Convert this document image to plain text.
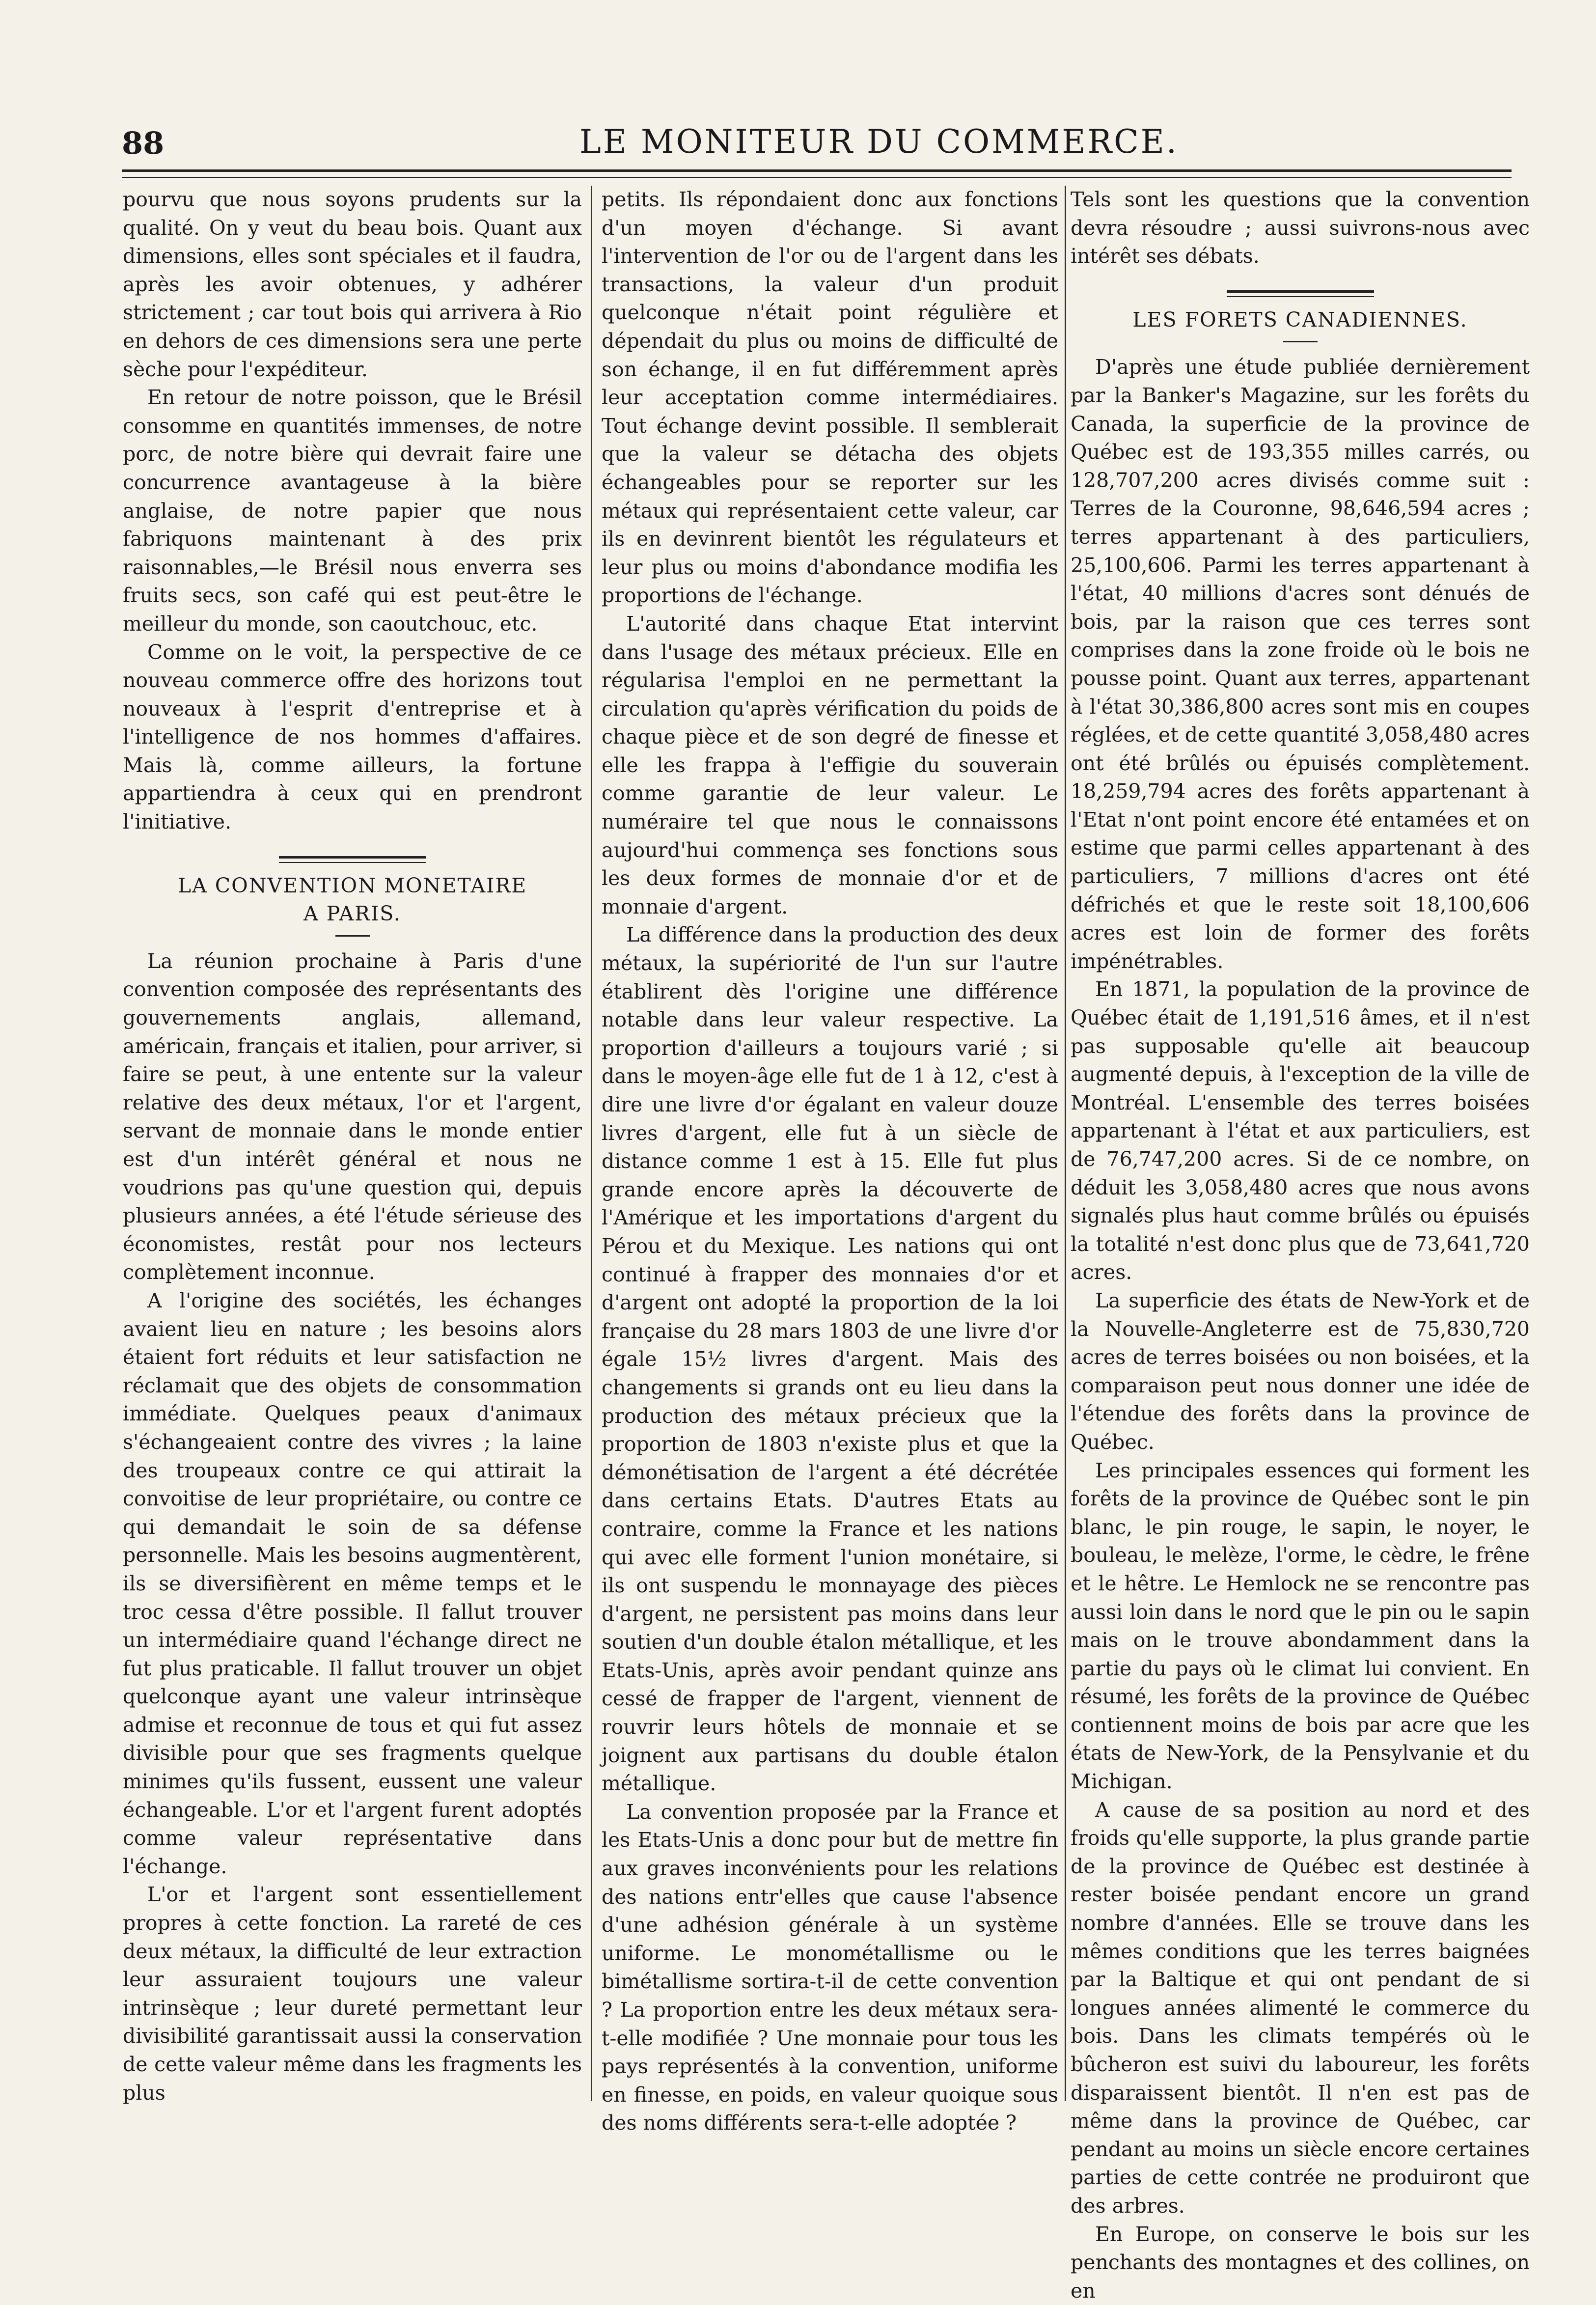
88	LE MONITEUR DU COMMERCE.

pourvu que nous soyons prudents sur la qualité. On y veut du beau bois. Quant aux dimensions, elles sont spéciales et il faudra, après les avoir obtenues, y adhérer strictement ; car tout bois qui arrivera à Rio en dehors de ces dimensions sera une perte sèche pour l'expéditeur.

En retour de notre poisson, que le Brésil consomme en quantités immenses, de notre porc, de notre bière qui devrait faire une concurrence avantageuse à la bière anglaise, de notre papier que nous fabriquons maintenant à des prix raisonnables,—le Brésil nous enverra ses fruits secs, son café qui est peut-être le meilleur du monde, son caoutchouc, etc.

Comme on le voit, la perspective de ce nouveau commerce offre des horizons tout nouveaux à l'esprit d'entreprise et à l'intelligence de nos hommes d'affaires. Mais là, comme ailleurs, la fortune appartiendra à ceux qui en prendront l'initiative.

LA CONVENTION MONETAIRE

A PARIS.

La réunion prochaine à Paris d'une convention composée des représentants des gouvernements anglais, allemand, américain, français et italien, pour arriver, si faire se peut, à une entente sur la valeur relative des deux métaux, l'or et l'argent, servant de monnaie dans le monde entier est d'un intérêt général et nous ne voudrions pas qu'une question qui, depuis plusieurs années, a été l'étude sérieuse des économistes, restât pour nos lecteurs complètement inconnue.

A l'origine des sociétés, les échanges avaient lieu en nature ; les besoins alors étaient fort réduits et leur satisfaction ne réclamait que des objets de consommation immédiate. Quelques peaux d'animaux s'échangeaient contre des vivres ; la laine des troupeaux contre ce qui attirait la convoitise de leur propriétaire, ou contre ce qui demandait le soin de sa défense personnelle. Mais les besoins augmentèrent, ils se diversifièrent en même temps et le troc cessa d'être possible. Il fallut trouver un intermédiaire quand l'échange direct ne fut plus praticable. Il fallut trouver un objet quelconque ayant une valeur intrinsèque admise et reconnue de tous et qui fut assez divisible pour que ses fragments quelque minimes qu'ils fussent, eussent une valeur échangeable. L'or et l'argent furent adoptés comme valeur représentative dans l'échange.

L'or et l'argent sont essentiellement propres à cette fonction. La rareté de ces deux métaux, la difficulté de leur extraction leur assuraient toujours une valeur intrinsèque ; leur dureté permettant leur divisibilité garantissait aussi la conservation de cette valeur même dans les fragments les plus

petits. Ils répondaient donc aux fonctions d'un moyen d'échange. Si avant l'intervention de l'or ou de l'argent dans les transactions, la valeur d'un produit quelconque n'était point régulière et dépendait du plus ou moins de difficulté de son échange, il en fut différemment après leur acceptation comme intermédiaires. Tout échange devint possible. Il semblerait que la valeur se détacha des objets échangeables pour se reporter sur les métaux qui représentaient cette valeur, car ils en devinrent bientôt les régulateurs et leur plus ou moins d'abondance modifia les proportions de l'échange.

L'autorité dans chaque Etat intervint dans l'usage des métaux précieux. Elle en régularisa l'emploi en ne permettant la circulation qu'après vérification du poids de chaque pièce et de son degré de finesse et elle les frappa à l'effigie du souverain comme garantie de leur valeur. Le numéraire tel que nous le connaissons aujourd'hui commença ses fonctions sous les deux formes de monnaie d'or et de monnaie d'argent.

La différence dans la production des deux métaux, la supériorité de l'un sur l'autre établirent dès l'origine une différence notable dans leur valeur respective. La proportion d'ailleurs a toujours varié ; si dans le moyen-âge elle fut de 1 à 12, c'est à dire une livre d'or égalant en valeur douze livres d'argent, elle fut à un siècle de distance comme 1 est à 15. Elle fut plus grande encore après la découverte de l'Amérique et les importations d'argent du Pérou et du Mexique. Les nations qui ont continué à frapper des monnaies d'or et d'argent ont adopté la proportion de la loi française du 28 mars 1803 de une livre d'or égale 15½ livres d'argent. Mais des changements si grands ont eu lieu dans la production des métaux précieux que la proportion de 1803 n'existe plus et que la démonétisation de l'argent a été décrétée dans certains Etats. D'autres Etats au contraire, comme la France et les nations qui avec elle forment l'union monétaire, si ils ont suspendu le monnayage des pièces d'argent, ne persistent pas moins dans leur soutien d'un double étalon métallique, et les Etats-Unis, après avoir pendant quinze ans cessé de frapper de l'argent, viennent de rouvrir leurs hôtels de monnaie et se joignent aux partisans du double étalon métallique.

La convention proposée par la France et les Etats-Unis a donc pour but de mettre fin aux graves inconvénients pour les relations des nations entr'elles que cause l'absence d'une adhésion générale à un système uniforme. Le monométallisme ou le bimétallisme sortira-t-il de cette convention ? La proportion entre les deux métaux sera-t-elle modifiée ? Une monnaie pour tous les pays représentés à la convention, uniforme en finesse, en poids, en valeur quoique sous des noms différents sera-t-elle adoptée ?

Tels sont les questions que la convention devra résoudre ; aussi suivrons-nous avec intérêt ses débats.

LES FORETS CANADIENNES.

D'après une étude publiée dernièrement par la Banker's Magazine, sur les forêts du Canada, la superficie de la province de Québec est de 193,355 milles carrés, ou 128,707,200 acres divisés comme suit : Terres de la Couronne, 98,646,594 acres ; terres appartenant à des particuliers, 25,100,606. Parmi les terres appartenant à l'état, 40 millions d'acres sont dénués de bois, par la raison que ces terres sont comprises dans la zone froide où le bois ne pousse point. Quant aux terres, appartenant à l'état 30,386,800 acres sont mis en coupes réglées, et de cette quantité 3,058,480 acres ont été brûlés ou épuisés complètement. 18,259,794 acres des forêts appartenant à l'Etat n'ont point encore été entamées et on estime que parmi celles appartenant à des particuliers, 7 millions d'acres ont été défrichés et que le reste soit 18,100,606 acres est loin de former des forêts impénétrables.

En 1871, la population de la province de Québec était de 1,191,516 âmes, et il n'est pas supposable qu'elle ait beaucoup augmenté depuis, à l'exception de la ville de Montréal. L'ensemble des terres boisées appartenant à l'état et aux particuliers, est de 76,747,200 acres. Si de ce nombre, on déduit les 3,058,480 acres que nous avons signalés plus haut comme brûlés ou épuisés la totalité n'est donc plus que de 73,641,720 acres.

La superficie des états de New-York et de la Nouvelle-Angleterre est de 75,830,720 acres de terres boisées ou non boisées, et la comparaison peut nous donner une idée de l'étendue des forêts dans la province de Québec.

Les principales essences qui forment les forêts de la province de Québec sont le pin blanc, le pin rouge, le sapin, le noyer, le bouleau, le melèze, l'orme, le cèdre, le frêne et le hêtre. Le Hemlock ne se rencontre pas aussi loin dans le nord que le pin ou le sapin mais on le trouve abondamment dans la partie du pays où le climat lui convient. En résumé, les forêts de la province de Québec contiennent moins de bois par acre que les états de New-York, de la Pensylvanie et du Michigan.

A cause de sa position au nord et des froids qu'elle supporte, la plus grande partie de la province de Québec est destinée à rester boisée pendant encore un grand nombre d'années. Elle se trouve dans les mêmes conditions que les terres baignées par la Baltique et qui ont pendant de si longues années alimenté le commerce du bois. Dans les climats tempérés où le bûcheron est suivi du laboureur, les forêts disparaissent bientôt. Il n'en est pas de même dans la province de Québec, car pendant au moins un siècle encore certaines parties de cette contrée ne produiront que des arbres.

En Europe, on conserve le bois sur les penchants des montagnes et des collines, on en
